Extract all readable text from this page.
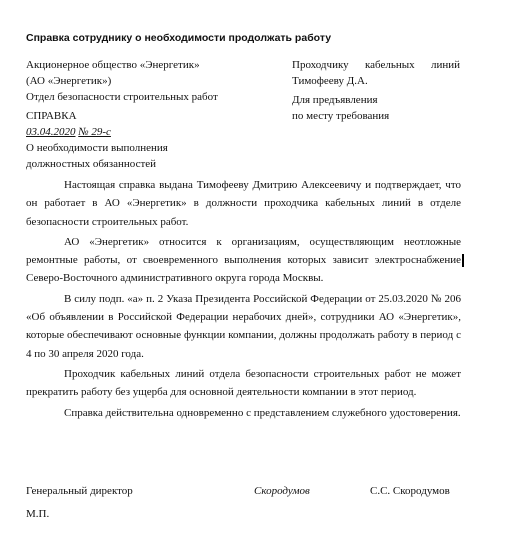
Справка сотруднику о необходимости продолжать работу
Акционерное общество «Энергетик»
(АО «Энергетик»)
Отдел безопасности строительных работ
Проходчику кабельных линий
Тимофееву Д.А.
Для предъявления
по месту требования
СПРАВКА
03.04.2020 № 29-с
О необходимости выполнения
должностных обязанностей

Настоящая справка выдана Тимофееву Дмитрию Алексеевичу и подтверждает, что он работает в АО «Энергетик» в должности проходчика кабельных линий в отделе безопасности строительных работ.

АО «Энергетик» относится к организациям, осуществляющим неотложные ремонтные работы, от своевременного выполнения которых зависит электроснабжение Северо-Восточного административного округа города Москвы.

В силу подп. «а» п. 2 Указа Президента Российской Федерации от 25.03.2020 № 206 «Об объявлении в Российской Федерации нерабочих дней», сотрудники АО «Энергетик», которые обеспечивают основные функции компании, должны продолжать работу в период с 4 по 30 апреля 2020 года.

Проходчик кабельных линий отдела безопасности строительных работ не может прекратить работу без ущерба для основной деятельности компании в этот период.

Справка действительна одновременно с представлением служебного удостоверения.

Генеральный директор	Скородумов	С.С. Скородумов
М.П.
